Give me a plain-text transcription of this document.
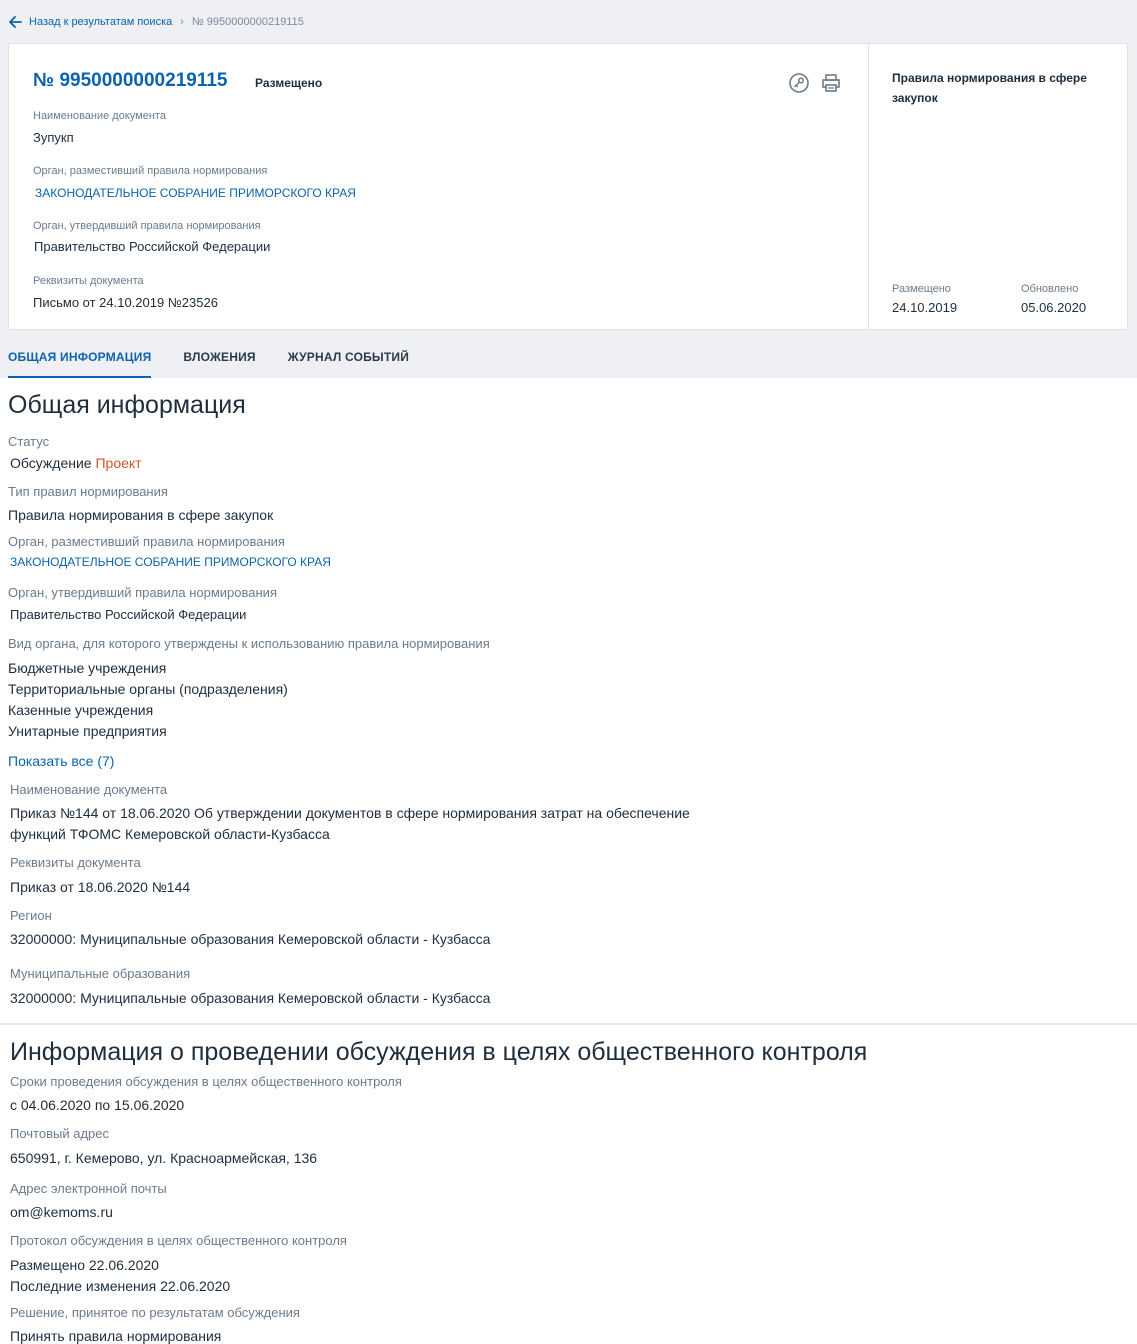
Назад к результатам поиска › № 9950000000219115
№ 9950000000219115 Размещено
Наименование документа
Зупукп
Орган, разместивший правила нормирования
ЗАКОНОДАТЕЛЬНОЕ СОБРАНИЕ ПРИМОРСКОГО КРАЯ
Орган, утвердивший правила нормирования
Правительство Российской Федерации
Реквизиты документа
Письмо от 24.10.2019 №23526
Правила нормирования в сфере закупок
Размещено
24.10.2019
Обновлено
05.06.2020
ОБЩАЯ ИНФОРМАЦИЯ	ВЛОЖЕНИЯ	ЖУРНАЛ СОБЫТИЙ
Общая информация
Статус
Обсуждение Проект
Тип правил нормирования
Правила нормирования в сфере закупок
Орган, разместивший правила нормирования
ЗАКОНОДАТЕЛЬНОЕ СОБРАНИЕ ПРИМОРСКОГО КРАЯ
Орган, утвердивший правила нормирования
Правительство Российской Федерации
Вид органа, для которого утверждены к использованию правила нормирования
Бюджетные учреждения
Территориальные органы (подразделения)
Казенные учреждения
Унитарные предприятия
Показать все (7)
Наименование документа
Приказ №144 от 18.06.2020 Об утверждении документов в сфере нормирования затрат на обеспечение
функций ТФОМС Кемеровской области-Кузбасса
Реквизиты документа
Приказ от 18.06.2020 №144
Регион
32000000: Муниципальные образования Кемеровской области - Кузбасса
Муниципальные образования
32000000: Муниципальные образования Кемеровской области - Кузбасса
Информация о проведении обсуждения в целях общественного контроля
Сроки проведения обсуждения в целях общественного контроля
с 04.06.2020 по 15.06.2020
Почтовый адрес
650991, г. Кемерово, ул. Красноармейская, 136
Адрес электронной почты
om@kemoms.ru
Протокол обсуждения в целях общественного контроля
Размещено 22.06.2020
Последние изменения 22.06.2020
Решение, принятое по результатам обсуждения
Принять правила нормирования
